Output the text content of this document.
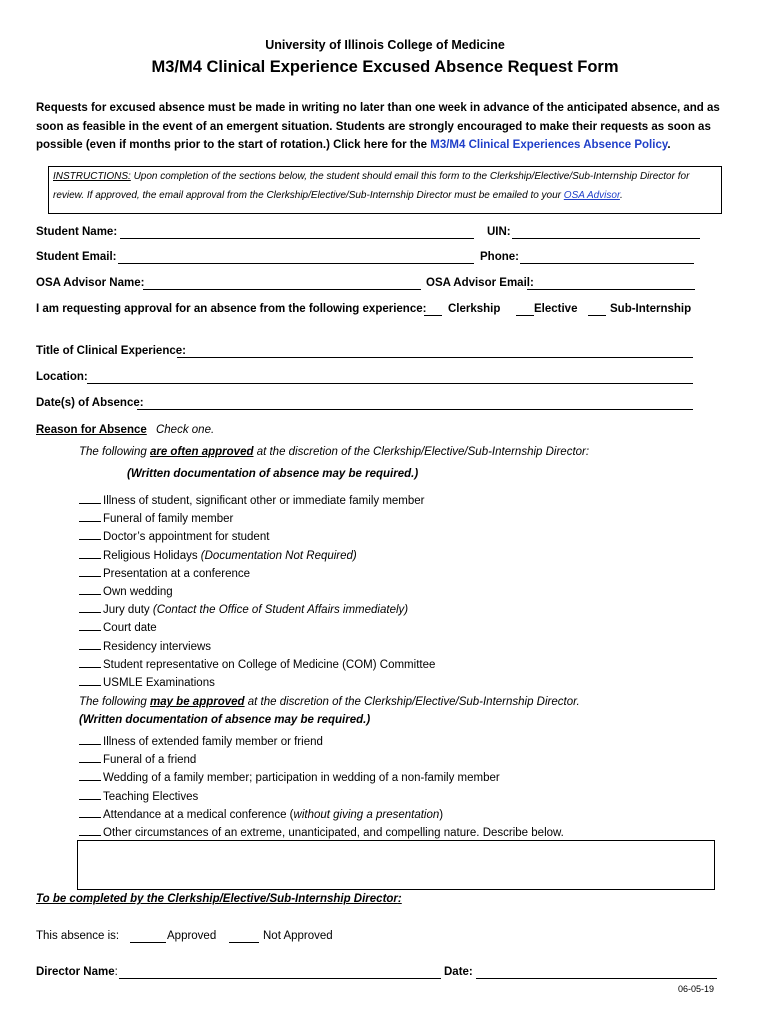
University of Illinois College of Medicine
M3/M4 Clinical Experience Excused Absence Request Form
Requests for excused absence must be made in writing no later than one week in advance of the anticipated absence, and as soon as feasible in the event of an emergent situation. Students are strongly encouraged to make their requests as soon as possible (even if months prior to the start of rotation.) Click here for the M3/M4 Clinical Experiences Absence Policy.
INSTRUCTIONS: Upon completion of the sections below, the student should email this form to the Clerkship/Elective/Sub-Internship Director for review. If approved, the email approval from the Clerkship/Elective/Sub-Internship Director must be emailed to your OSA Advisor.
Student Name:	UIN:
Student Email:	Phone:
OSA Advisor Name:	OSA Advisor Email:
I am requesting approval for an absence from the following experience: Clerkship	Elective	Sub-Internship
Title of Clinical Experience:
Location:
Date(s) of Absence:
Reason for Absence Check one.
The following are often approved at the discretion of the Clerkship/Elective/Sub-Internship Director:
(Written documentation of absence may be required.)
Illness of student, significant other or immediate family member
Funeral of family member
Doctor’s appointment for student
Religious Holidays (Documentation Not Required)
Presentation at a conference
Own wedding
Jury duty (Contact the Office of Student Affairs immediately)
Court date
Residency interviews
Student representative on College of Medicine (COM) Committee
USMLE Examinations
The following may be approved at the discretion of the Clerkship/Elective/Sub-Internship Director.
(Written documentation of absence may be required.)
Illness of extended family member or friend
Funeral of a friend
Wedding of a family member; participation in wedding of a non-family member
Teaching Electives
Attendance at a medical conference (without giving a presentation)
Other circumstances of an extreme, unanticipated, and compelling nature. Describe below.
To be completed by the Clerkship/Elective/Sub-Internship Director:
This absence is:	Approved	Not Approved
Director Name:	Date:
06-05-19
